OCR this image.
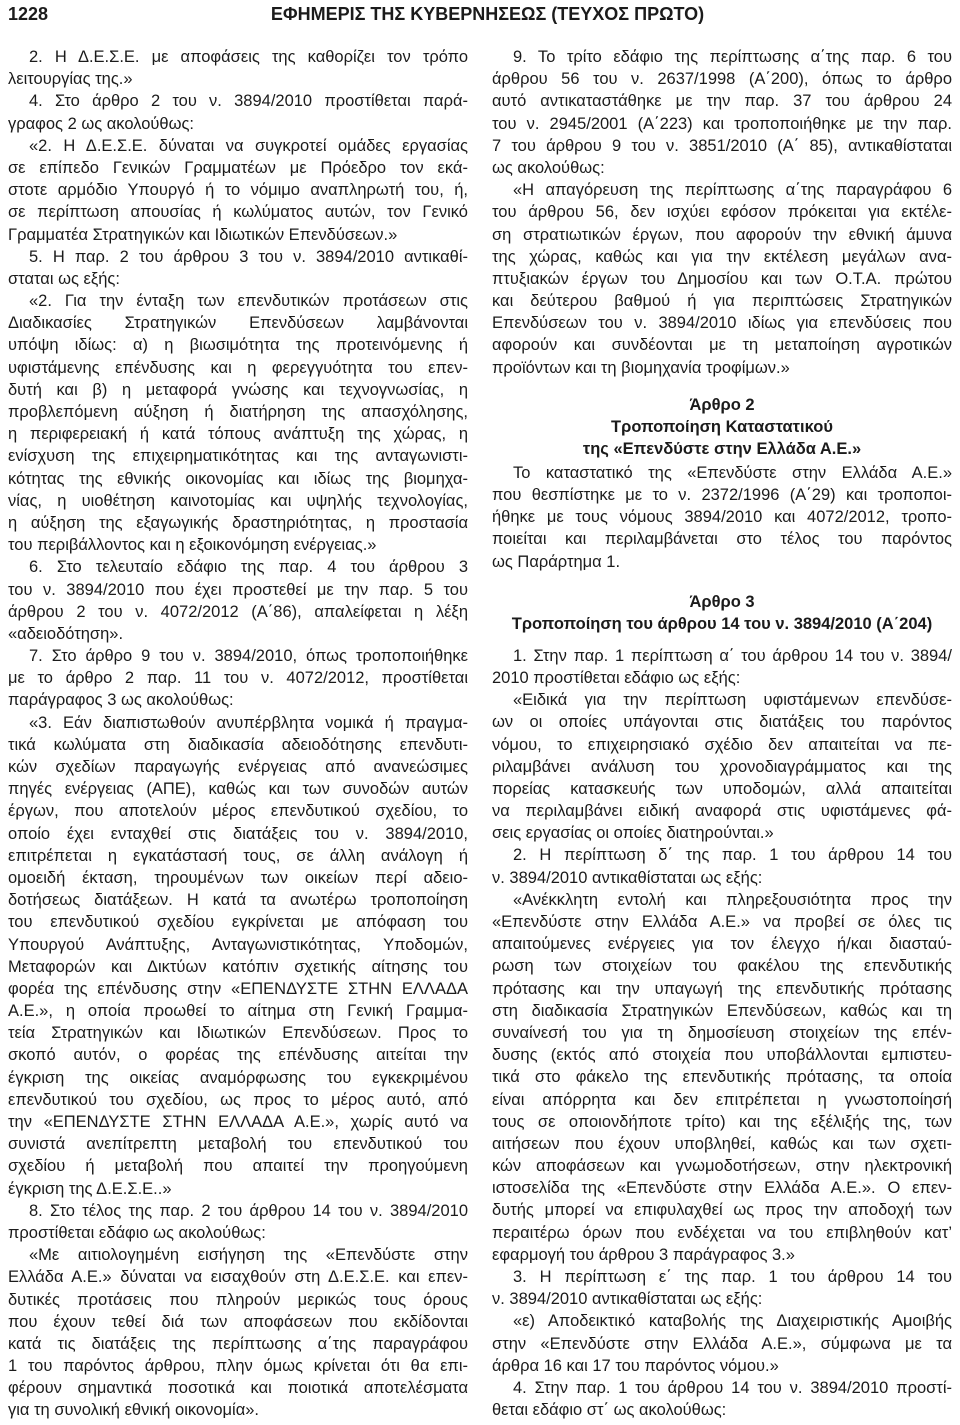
1228	ΕΦΗΜΕΡΙΣ ΤΗΣ ΚΥΒΕΡΝΗΣΕΩΣ (ΤΕΥΧΟΣ ΠΡΩΤΟ)
2. Η Δ.Ε.Σ.Ε. με αποφάσεις της καθορίζει τον τρόπο
λειτουργίας της.»
4. Στο άρθρο 2 του ν. 3894/2010 προστίθεται παρά-
γραφος 2 ως ακολούθως:
«2. Η Δ.Ε.Σ.Ε. δύναται να συγκροτεί ομάδες εργασίας
σε επίπεδο Γενικών Γραμματέων με Πρόεδρο τον εκά-
στοτε αρμόδιο Υπουργό ή το νόμιμο αναπληρωτή του, ή,
σε περίπτωση απουσίας ή κωλύματος αυτών, τον Γενικό
Γραμματέα Στρατηγικών και Ιδιωτικών Επενδύσεων.»
5. Η παρ. 2 του άρθρου 3 του ν. 3894/2010 αντικαθί-
σταται ως εξής:
«2. Για την ένταξη των επενδυτικών προτάσεων στις
Διαδικασίες Στρατηγικών Επενδύσεων λαμβάνονται
υπόψη ιδίως: α) η βιωσιμότητα της προτεινόμενης ή
υφιστάμενης επένδυσης και η φερεγγυότητα του επεν-
δυτή και β) η μεταφορά γνώσης και τεχνογνωσίας, η
προβλεπόμενη αύξηση ή διατήρηση της απασχόλησης,
η περιφερειακή ή κατά τόπους ανάπτυξη της χώρας, η
ενίσχυση της επιχειρηματικότητας και της ανταγωνιστι-
κότητας της εθνικής οικονομίας και ιδίως της βιομηχα-
νίας, η υιοθέτηση καινοτομίας και υψηλής τεχνολογίας,
η αύξηση της εξαγωγικής δραστηριότητας, η προστασία
του περιβάλλοντος και η εξοικονόμηση ενέργειας.»
6. Στο τελευταίο εδάφιο της παρ. 4 του άρθρου 3
του ν. 3894/2010 που έχει προστεθεί με την παρ. 5 του
άρθρου 2 του ν. 4072/2012 (Α΄86), απαλείφεται η λέξη
«αδειοδότηση».
7. Στο άρθρο 9 του ν. 3894/2010, όπως τροποποιήθηκε
με το άρθρο 2 παρ. 11 του ν. 4072/2012, προστίθεται
παράγραφος 3 ως ακολούθως:
«3. Εάν διαπιστωθούν ανυπέρβλητα νομικά ή πραγμα-
τικά κωλύματα στη διαδικασία αδειοδότησης επενδυτι-
κών σχεδίων παραγωγής ενέργειας από ανανεώσιμες
πηγές ενέργειας (ΑΠΕ), καθώς και των συνοδών αυτών
έργων, που αποτελούν μέρος επενδυτικού σχεδίου, το
οποίο έχει ενταχθεί στις διατάξεις του ν. 3894/2010,
επιτρέπεται η εγκατάστασή τους, σε άλλη ανάλογη ή
ομοειδή έκταση, τηρουμένων των οικείων περί αδειο-
δοτήσεως διατάξεων. Η κατά τα ανωτέρω τροποποίηση
του επενδυτικού σχεδίου εγκρίνεται με απόφαση του
Υπουργού Ανάπτυξης, Ανταγωνιστικότητας, Υποδομών,
Μεταφορών και Δικτύων κατόπιν σχετικής αίτησης του
φορέα της επένδυσης στην «ΕΠΕΝΔΥΣΤΕ ΣΤΗΝ ΕΛΛΑΔΑ
Α.Ε.», η οποία προωθεί το αίτημα στη Γενική Γραμμα-
τεία Στρατηγικών και Ιδιωτικών Επενδύσεων. Προς το
σκοπό αυτόν, ο φορέας της επένδυσης αιτείται την
έγκριση της οικείας αναμόρφωσης του εγκεκριμένου
επενδυτικού του σχεδίου, ως προς το μέρος αυτό, από
την «ΕΠΕΝΔΥΣΤΕ ΣΤΗΝ ΕΛΛΑΔΑ Α.Ε.», χωρίς αυτό να
συνιστά ανεπίτρεπτη μεταβολή του επενδυτικού του
σχεδίου ή μεταβολή που απαιτεί την προηγούμενη
έγκριση της Δ.Ε.Σ.Ε..»
8. Στο τέλος της παρ. 2 του άρθρου 14 του ν. 3894/2010
προστίθεται εδάφιο ως ακολούθως:
«Με αιτιολογημένη εισήγηση της «Επενδύστε στην
Ελλάδα Α.Ε.» δύναται να εισαχθούν στη Δ.Ε.Σ.Ε. και επεν-
δυτικές προτάσεις που πληρούν μερικώς τους όρους
που έχουν τεθεί διά των αποφάσεων που εκδίδονται
κατά τις διατάξεις της περίπτωσης α΄της παραγράφου
1 του παρόντος άρθρου, πλην όμως κρίνεται ότι θα επι-
φέρουν σημαντικά ποσοτικά και ποιοτικά αποτελέσματα
για τη συνολική εθνική οικονομία».
9. Το τρίτο εδάφιο της περίπτωσης α΄της παρ. 6 του
άρθρου 56 του ν. 2637/1998 (Α΄200), όπως το άρθρο
αυτό αντικαταστάθηκε με την παρ. 37 του άρθρου 24
του ν. 2945/2001 (Α΄223) και τροποποιήθηκε με την παρ.
7 του άρθρου 9 του ν. 3851/2010 (Α΄ 85), αντικαθίσταται
ως ακολούθως:
«Η απαγόρευση της περίπτωσης α΄της παραγράφου 6
του άρθρου 56, δεν ισχύει εφόσον πρόκειται για εκτέλε-
ση στρατιωτικών έργων, που αφορούν την εθνική άμυνα
της χώρας, καθώς και για την εκτέλεση μεγάλων ανα-
πτυξιακών έργων του Δημοσίου και των Ο.Τ.Α. πρώτου
και δεύτερου βαθμού ή για περιπτώσεις Στρατηγικών
Επενδύσεων του ν. 3894/2010 ιδίως για επενδύσεις που
αφορούν και συνδέονται με τη μεταποίηση αγροτικών
προϊόντων και τη βιομηχανία τροφίμων.»
Άρθρο 2
Τροποποίηση Καταστατικού
της «Επενδύστε στην Ελλάδα Α.Ε.»
Το καταστατικό της «Επενδύστε στην Ελλάδα Α.Ε.»
που θεσπίστηκε με το ν. 2372/1996 (Α΄29) και τροποποι-
ήθηκε με τους νόμους 3894/2010 και 4072/2012, τροπο-
ποιείται και περιλαμβάνεται στο τέλος του παρόντος
ως Παράρτημα 1.
Άρθρο 3
Τροποποίηση του άρθρου 14 του ν. 3894/2010 (Α΄204)
1. Στην παρ. 1 περίπτωση α΄ του άρθρου 14 του ν. 3894/
2010 προστίθεται εδάφιο ως εξής:
«Ειδικά για την περίπτωση υφιστάμενων επενδύσε-
ων οι οποίες υπάγονται στις διατάξεις του παρόντος
νόμου, το επιχειρησιακό σχέδιο δεν απαιτείται να πε-
ριλαμβάνει ανάλυση του χρονοδιαγράμματος και της
πορείας κατασκευής των υποδομών, αλλά απαιτείται
να περιλαμβάνει ειδική αναφορά στις υφιστάμενες φά-
σεις εργασίας οι οποίες διατηρούνται.»
2. Η περίπτωση δ΄ της παρ. 1 του άρθρου 14 του
ν. 3894/2010 αντικαθίσταται ως εξής:
«Ανέκκλητη εντολή και πληρεξουσιότητα προς την
«Επενδύστε στην Ελλάδα Α.Ε.» να προβεί σε όλες τις
απαιτούμενες ενέργειες για τον έλεγχο ή/και διασταύ-
ρωση των στοιχείων του φακέλου της επενδυτικής
πρότασης και την υπαγωγή της επενδυτικής πρότασης
στη διαδικασία Στρατηγικών Επενδύσεων, καθώς και τη
συναίνεσή του για τη δημοσίευση στοιχείων της επέν-
δυσης (εκτός από στοιχεία που υποβάλλονται εμπιστευ-
τικά στο φάκελο της επενδυτικής πρότασης, τα οποία
είναι απόρρητα και δεν επιτρέπεται η γνωστοποίησή
τους σε οποιονδήποτε τρίτο) και της εξέλιξής της, των
αιτήσεων που έχουν υποβληθεί, καθώς και των σχετι-
κών αποφάσεων και γνωμοδοτήσεων, στην ηλεκτρονική
ιστοσελίδα της «Επενδύστε στην Ελλάδα Α.Ε.». Ο επεν-
δυτής μπορεί να επιφυλαχθεί ως προς την αποδοχή των
περαιτέρω όρων που ενδέχεται να του επιβληθούν κατ’
εφαρμογή του άρθρου 3 παράγραφος 3.»
3. Η περίπτωση ε΄ της παρ. 1 του άρθρου 14 του
ν. 3894/2010 αντικαθίσταται ως εξής:
«ε) Αποδεικτικό καταβολής της Διαχειριστικής Αμοιβής
στην «Επενδύστε στην Ελλάδα Α.Ε.», σύμφωνα με τα
άρθρα 16 και 17 του παρόντος νόμου.»
4. Στην παρ. 1 του άρθρου 14 του ν. 3894/2010 προστί-
θεται εδάφιο στ΄ ως ακολούθως:
